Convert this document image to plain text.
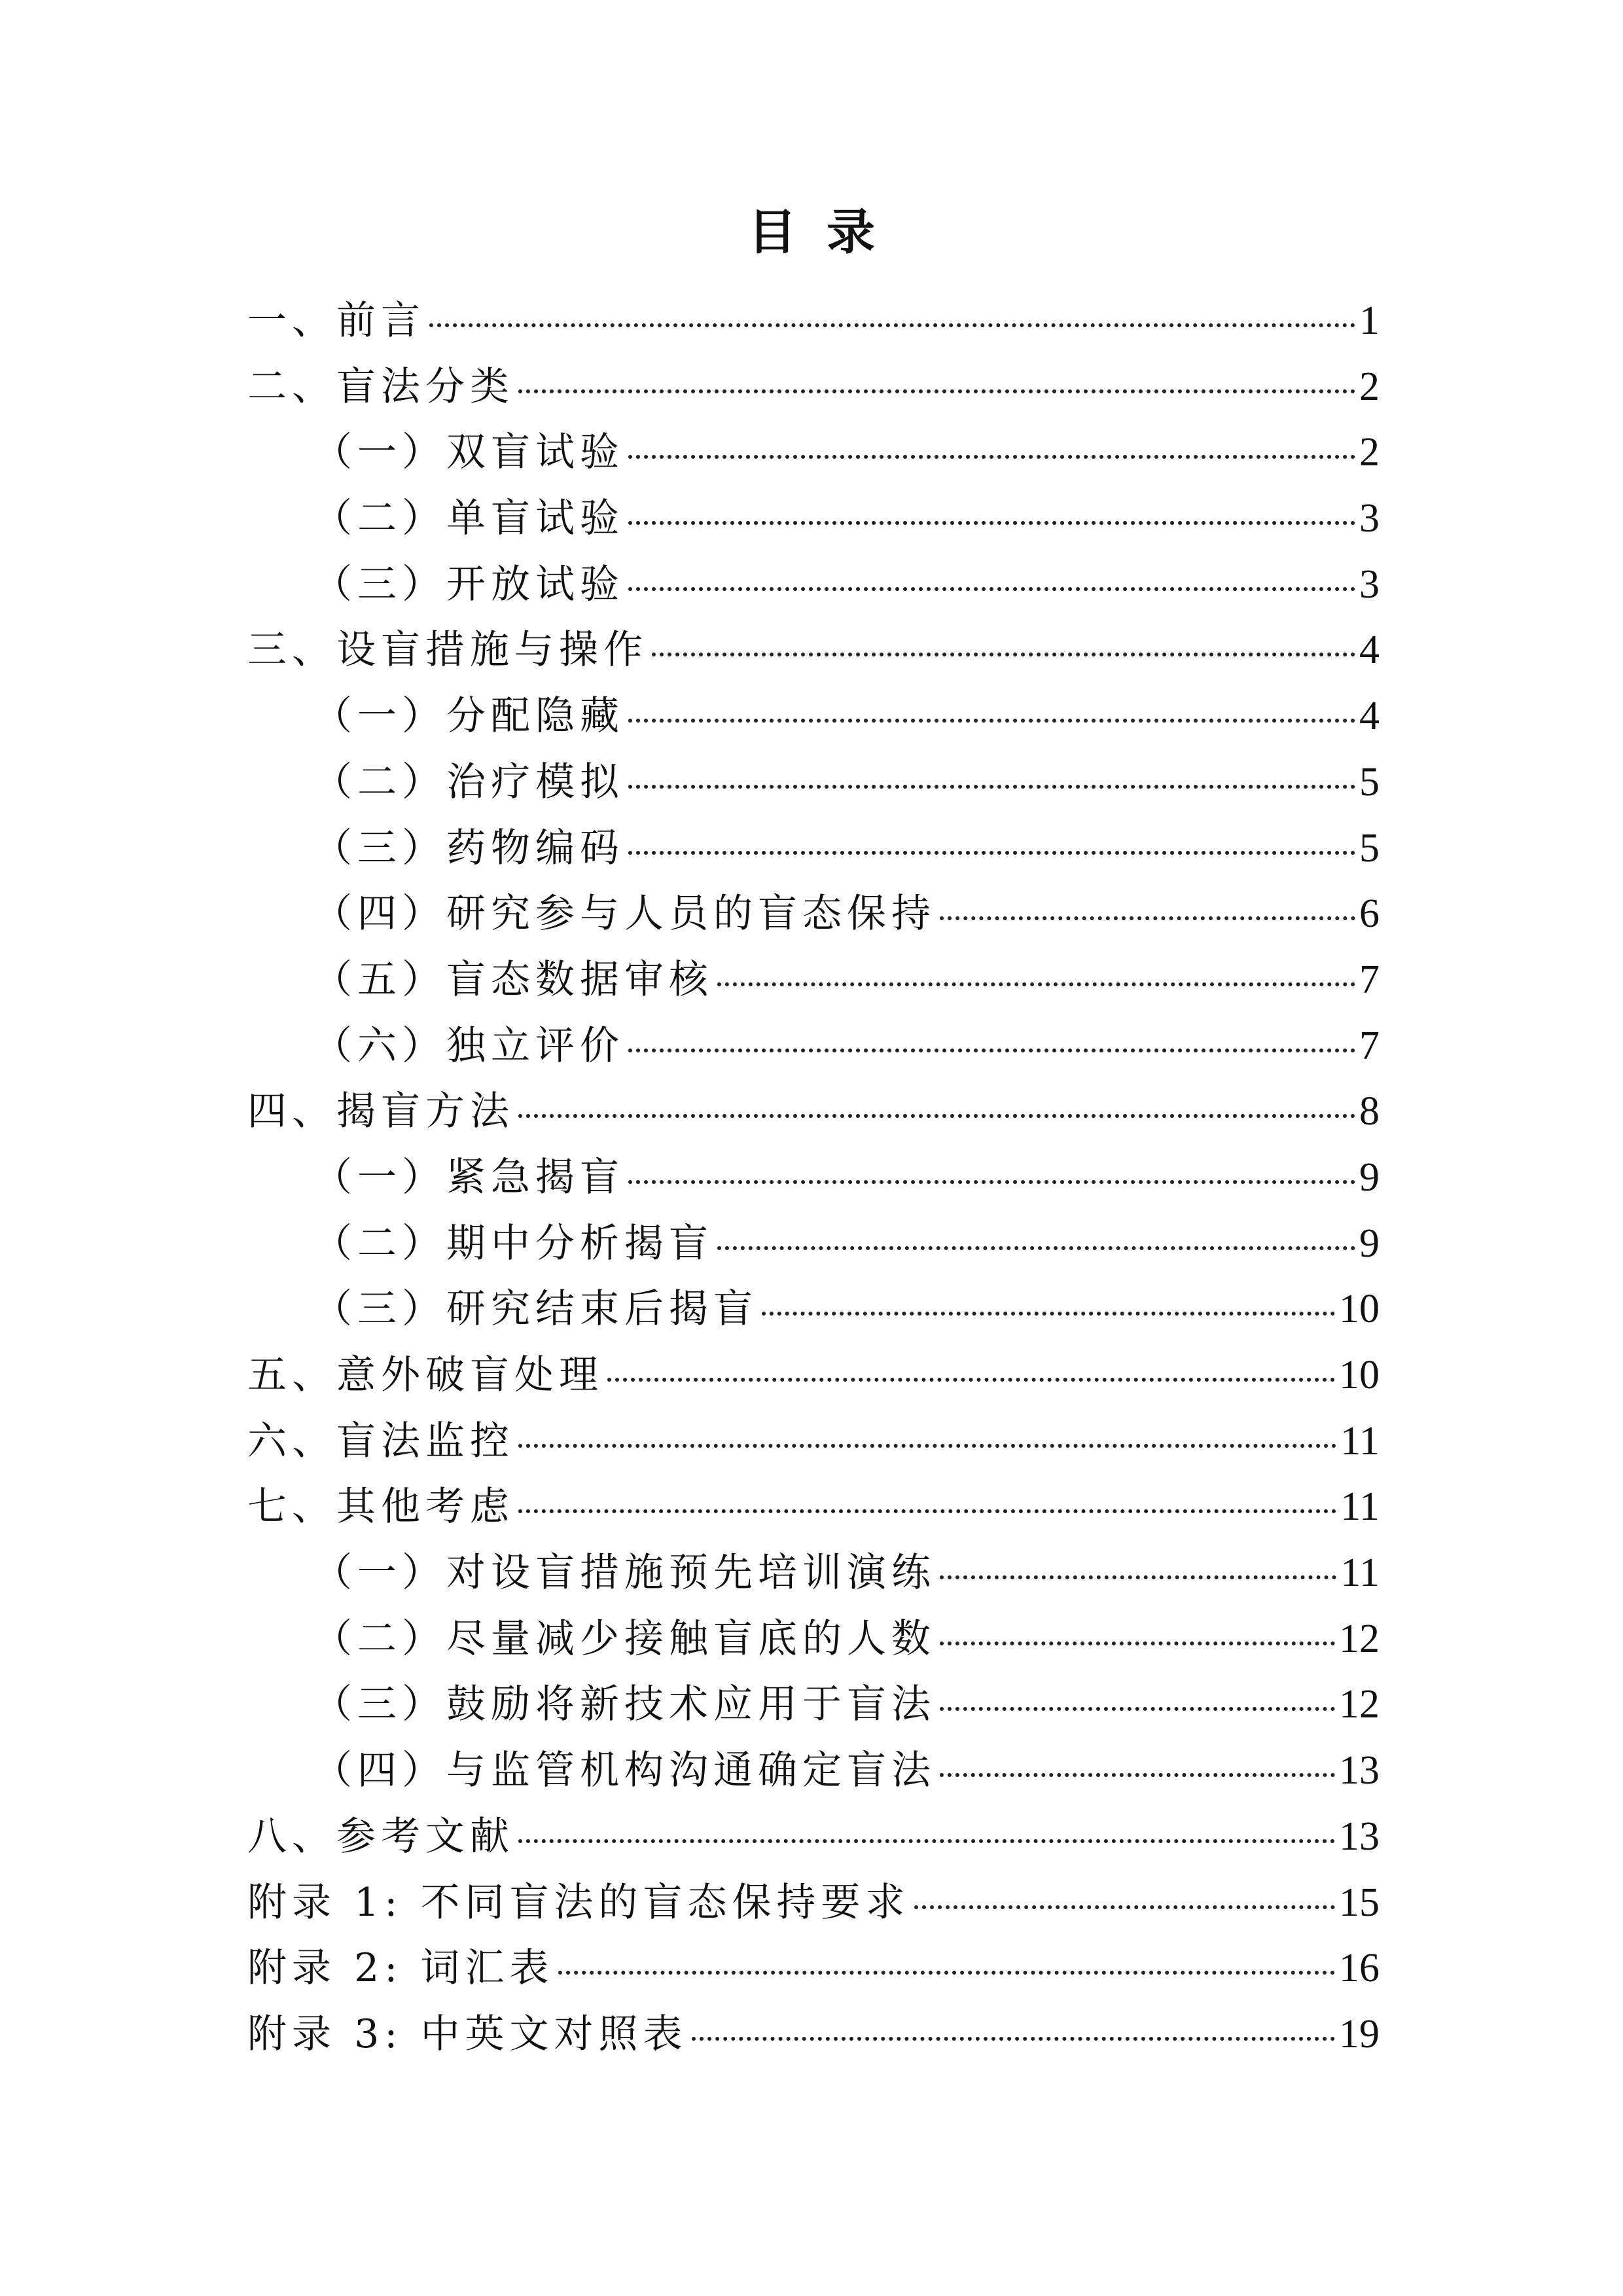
目录
一、前言	1
二、盲法分类	2
（一）双盲试验	2
（二）单盲试验	3
（三）开放试验	3
三、设盲措施与操作	4
（一）分配隐藏	4
（二）治疗模拟	5
（三）药物编码	5
（四）研究参与人员的盲态保持	6
（五）盲态数据审核	7
（六）独立评价	7
四、揭盲方法	8
（一）紧急揭盲	9
（二）期中分析揭盲	9
（三）研究结束后揭盲	10
五、意外破盲处理	10
六、盲法监控	11
七、其他考虑	11
（一）对设盲措施预先培训演练	11
（二）尽量减少接触盲底的人数	12
（三）鼓励将新技术应用于盲法	12
（四）与监管机构沟通确定盲法	13
八、参考文献	13
附录 1: 不同盲法的盲态保持要求	15
附录 2: 词汇表	16
附录 3: 中英文对照表	19
